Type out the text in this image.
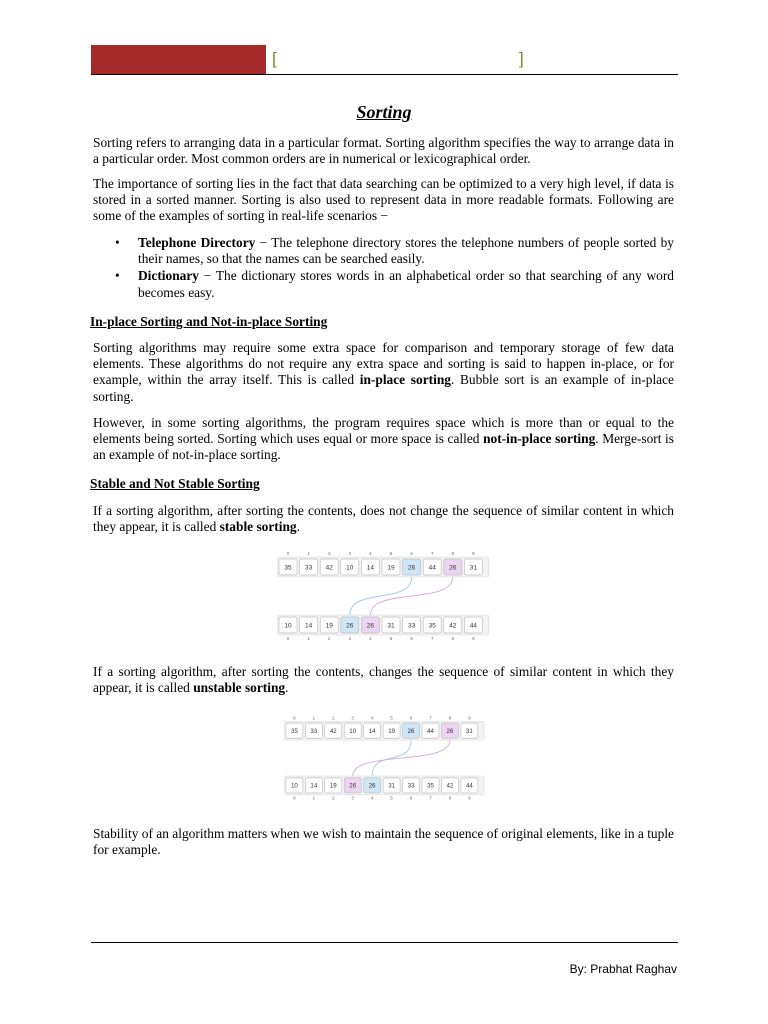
[	]
Sorting
Sorting refers to arranging data in a particular format. Sorting algorithm specifies the way to arrange data in a particular order. Most common orders are in numerical or lexicographical order.
The importance of sorting lies in the fact that data searching can be optimized to a very high level, if data is stored in a sorted manner. Sorting is also used to represent data in more readable formats. Following are some of the examples of sorting in real-life scenarios −
• Telephone Directory − The telephone directory stores the telephone numbers of people sorted by their names, so that the names can be searched easily.
• Dictionary − The dictionary stores words in an alphabetical order so that searching of any word becomes easy.
In-place Sorting and Not-in-place Sorting
Sorting algorithms may require some extra space for comparison and temporary storage of few data elements. These algorithms do not require any extra space and sorting is said to happen in-place, or for example, within the array itself. This is called in-place sorting. Bubble sort is an example of in-place sorting.
However, in some sorting algorithms, the program requires space which is more than or equal to the elements being sorted. Sorting which uses equal or more space is called not-in-place sorting. Merge-sort is an example of not-in-place sorting.
Stable and Not Stable Sorting
If a sorting algorithm, after sorting the contents, does not change the sequence of similar content in which they appear, it is called stable sorting.
35
0
33
1
42
2
10
3
14
4
19
5
26
6
44
7
26
8
31
9
10
0
14
1
19
2
26
3
26
4
31
5
33
6
35
7
42
8
44
9
If a sorting algorithm, after sorting the contents, changes the sequence of similar content in which they appear, it is called unstable sorting.
35
0
33
1
42
2
10
3
14
4
19
5
26
6
44
7
26
8
31
9
10
0
14
1
19
2
26
3
26
4
31
5
33
6
35
7
42
8
44
9
Stability of an algorithm matters when we wish to maintain the sequence of original elements, like in a tuple for example.
By: Prabhat Raghav
